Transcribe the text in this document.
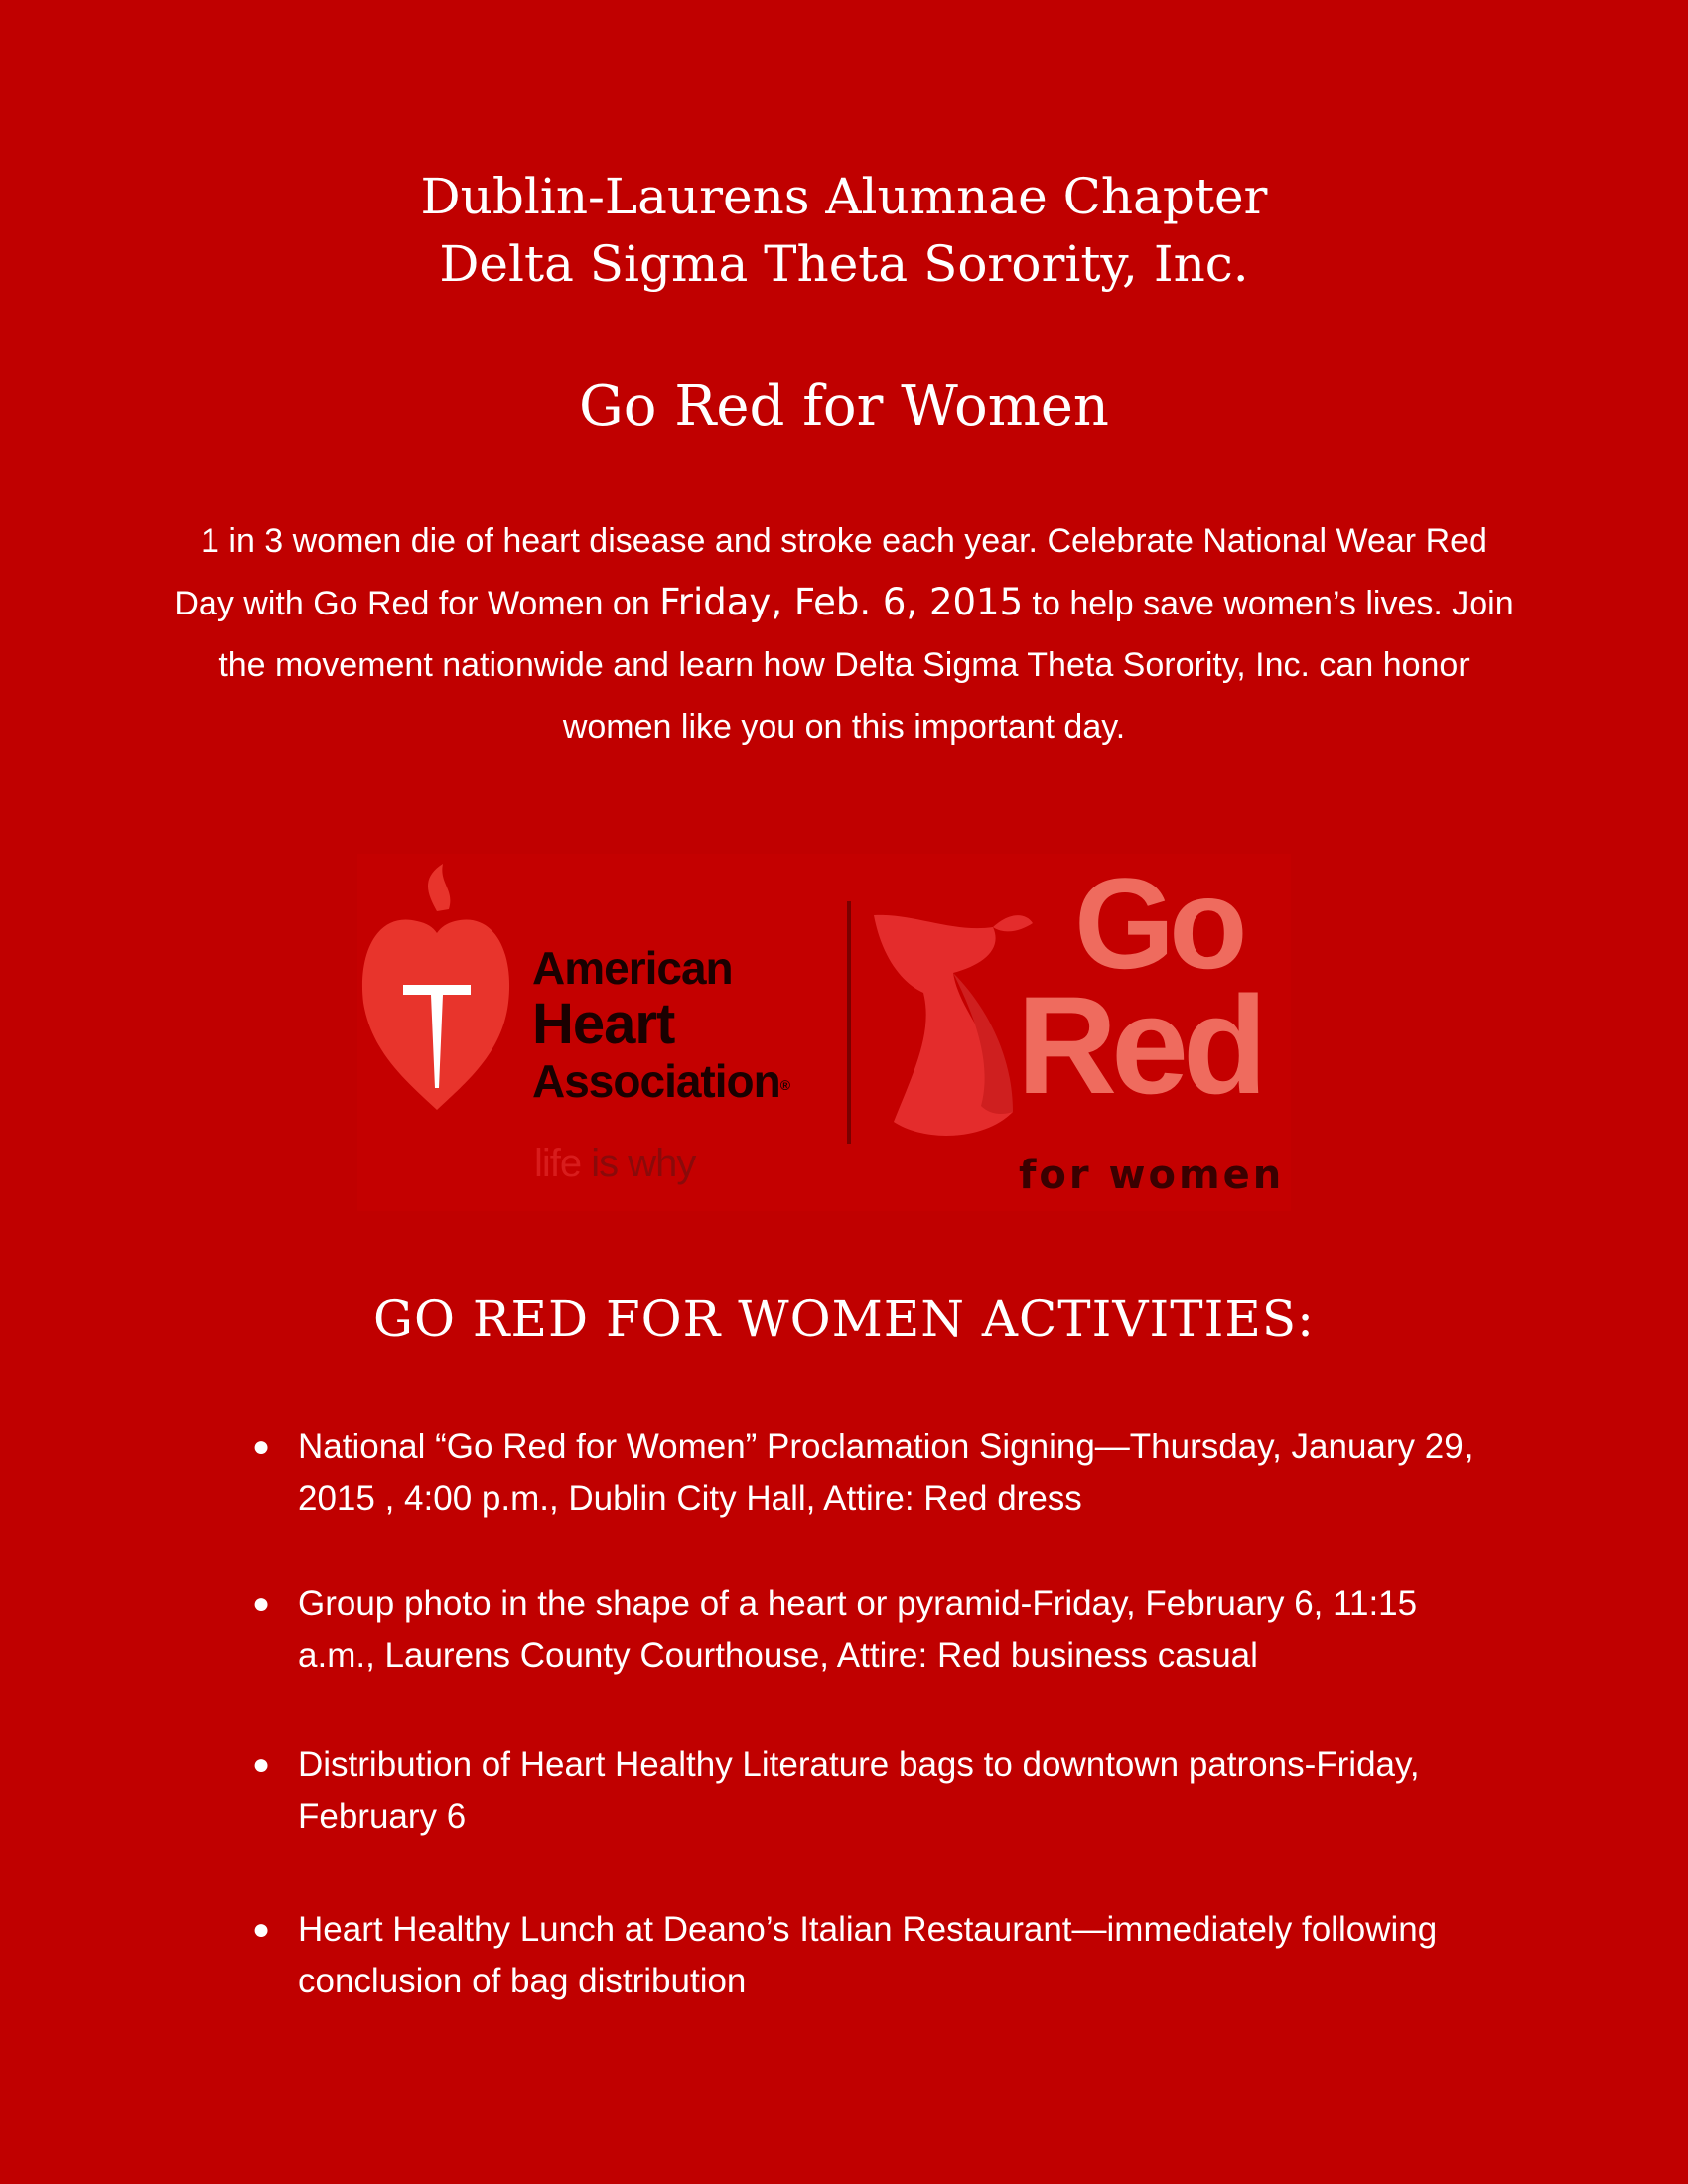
Dublin-Laurens Alumnae Chapter
Delta Sigma Theta Sorority, Inc.
Go Red for Women
1 in 3 women die of heart disease and stroke each year. Celebrate National Wear Red Day with Go Red for Women on Friday, Feb. 6, 2015 to help save women’s lives. Join the movement nationwide and learn how Delta Sigma Theta Sorority, Inc. can honor women like you on this important day.
American
Heart
Association®
life is why
Go
Red
for women
GO RED FOR WOMEN ACTIVITIES:
● National “Go Red for Women” Proclamation Signing—Thursday, January 29, 2015 , 4:00 p.m., Dublin City Hall, Attire: Red dress
● Group photo in the shape of a heart or pyramid-Friday, February 6, 11:15 a.m., Laurens County Courthouse, Attire: Red business casual
● Distribution of Heart Healthy Literature bags to downtown patrons-Friday, February 6
● Heart Healthy Lunch at Deano’s Italian Restaurant—immediately following conclusion of bag distribution
